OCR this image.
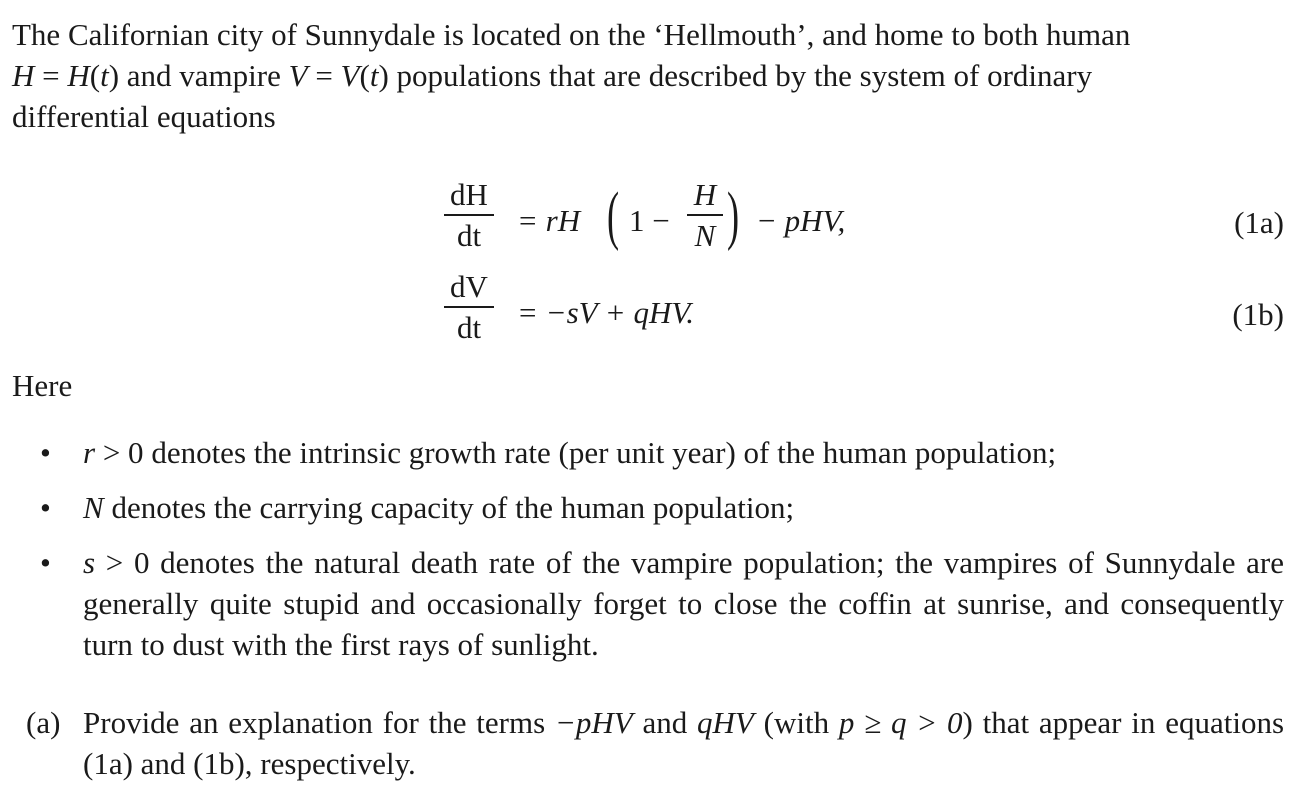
The Californian city of Sunnydale is located on the ‘Hellmouth’, and home to both human
H = H(t) and vampire V = V(t) populations that are described by the system of ordinary
differential equations

dH
dt	= rH ( 1 −
H
N ) − pHV,	(1a)
dV
dt	= −sV + qHV.	(1b)
Here
• r > 0 denotes the intrinsic growth rate (per unit year) of the human population;
• N denotes the carrying capacity of the human population;
• s > 0 denotes the natural death rate of the vampire population; the vampires of Sunnydale are generally quite stupid and occasionally forget to close the coffin at sunrise, and consequently turn to dust with the first rays of sunlight.
(a) Provide an explanation for the terms −pHV and qHV (with p ≥ q > 0) that appear in equations (1a) and (1b), respectively.
